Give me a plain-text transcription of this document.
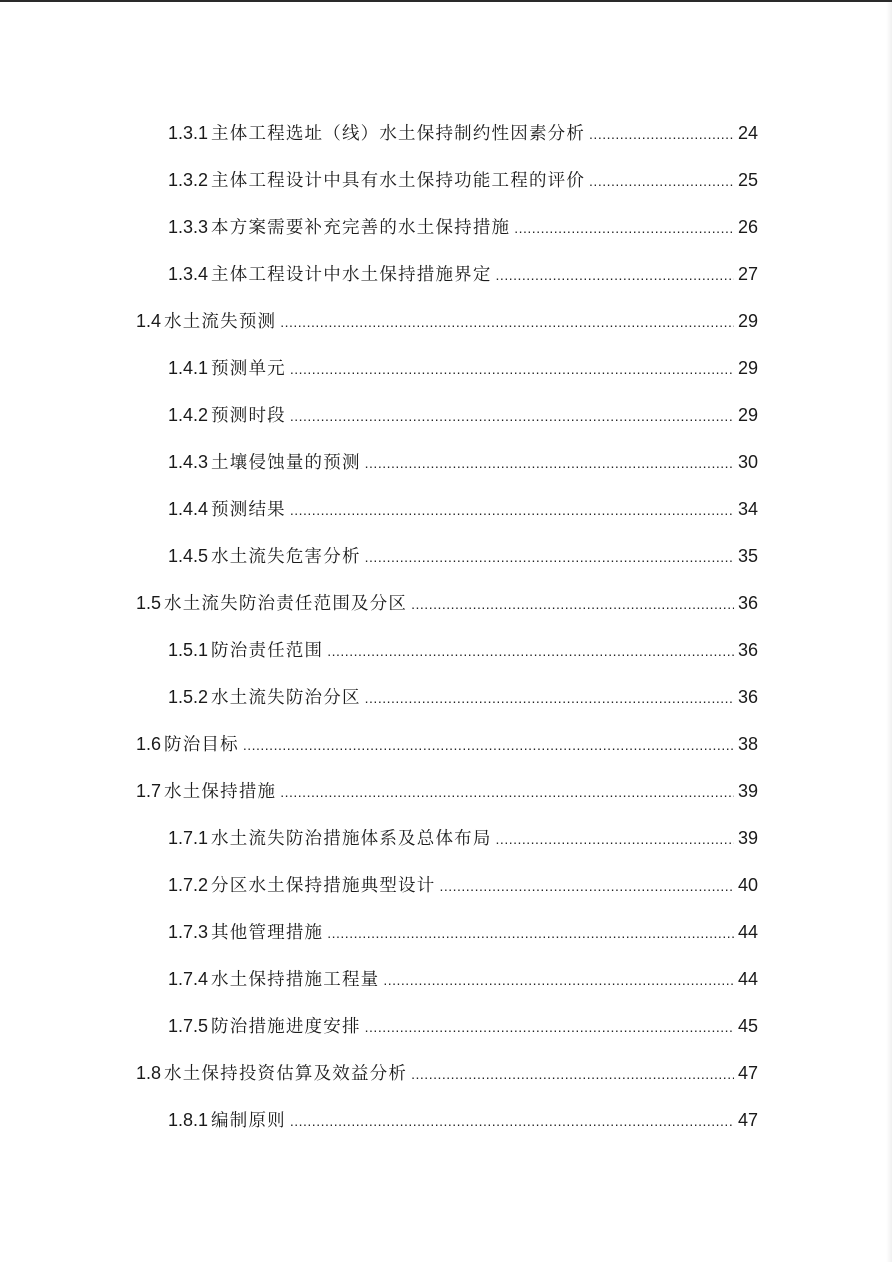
1.3.1 主体工程选址（线）水土保持制约性因素分析 .....	24
1.3.2 主体工程设计中具有水土保持功能工程的评价 .....	25
1.3.3 本方案需要补充完善的水土保持措施 .....	26
1.3.4 主体工程设计中水土保持措施界定 .....	27
1.4 水土流失预测 .....	29
1.4.1 预测单元 .....	29
1.4.2 预测时段 .....	29
1.4.3 土壤侵蚀量的预测 .....	30
1.4.4 预测结果 .....	34
1.4.5 水土流失危害分析 .....	35
1.5 水土流失防治责任范围及分区 .....	36
1.5.1 防治责任范围 .....	36
1.5.2 水土流失防治分区 .....	36
1.6 防治目标 .....	38
1.7 水土保持措施 .....	39
1.7.1 水土流失防治措施体系及总体布局 .....	39
1.7.2 分区水土保持措施典型设计 .....	40
1.7.3 其他管理措施 .....	44
1.7.4 水土保持措施工程量 .....	44
1.7.5 防治措施进度安排 .....	45
1.8 水土保持投资估算及效益分析 .....	47
1.8.1 编制原则 .....	47
